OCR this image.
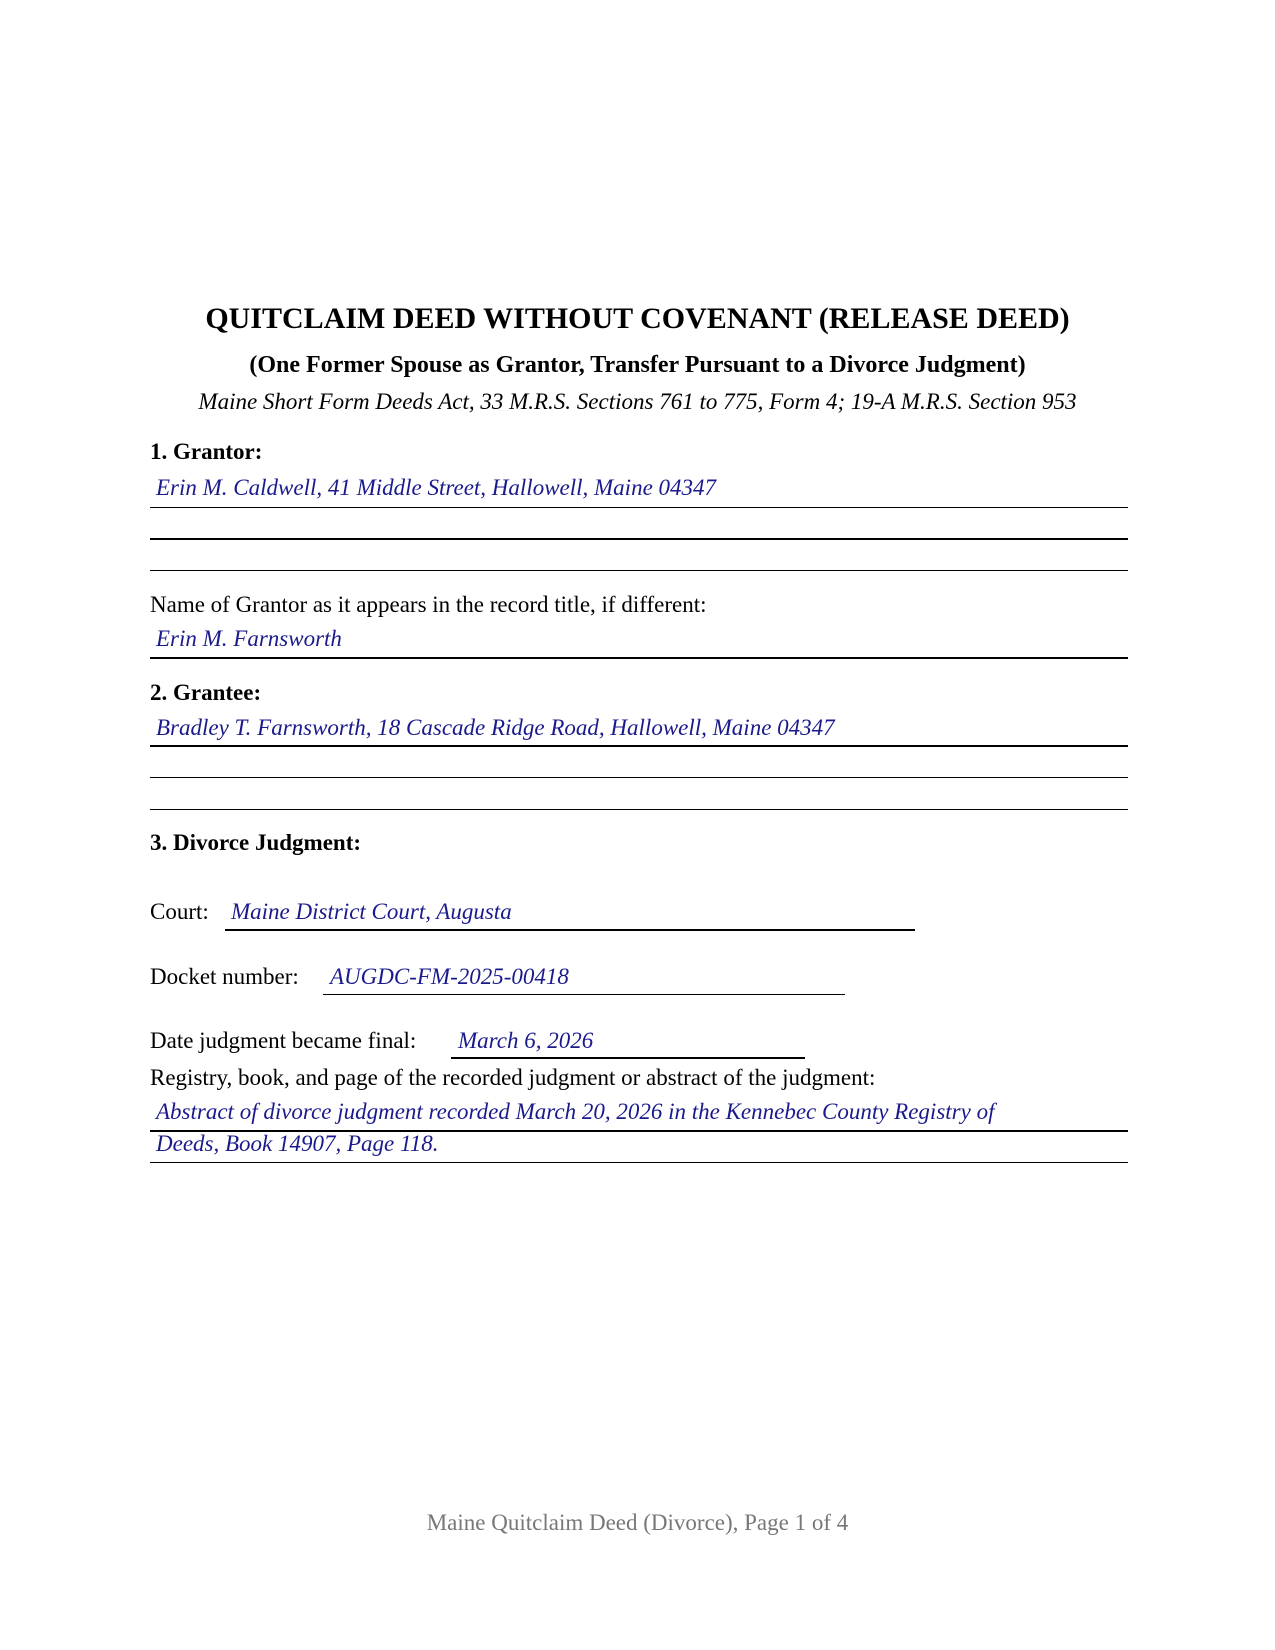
QUITCLAIM DEED WITHOUT COVENANT (RELEASE DEED)
(One Former Spouse as Grantor, Transfer Pursuant to a Divorce Judgment)
Maine Short Form Deeds Act, 33 M.R.S. Sections 761 to 775, Form 4; 19-A M.R.S. Section 953
1. Grantor:
Erin M. Caldwell, 41 Middle Street, Hallowell, Maine 04347
Name of Grantor as it appears in the record title, if different:
Erin M. Farnsworth
2. Grantee:
Bradley T. Farnsworth, 18 Cascade Ridge Road, Hallowell, Maine 04347
3. Divorce Judgment:
Court: Maine District Court, Augusta
Docket number: AUGDC-FM-2025-00418
Date judgment became final: March 6, 2026
Registry, book, and page of the recorded judgment or abstract of the judgment:
Abstract of divorce judgment recorded March 20, 2026 in the Kennebec County Registry of
Deeds, Book 14907, Page 118.
Maine Quitclaim Deed (Divorce), Page 1 of 4
